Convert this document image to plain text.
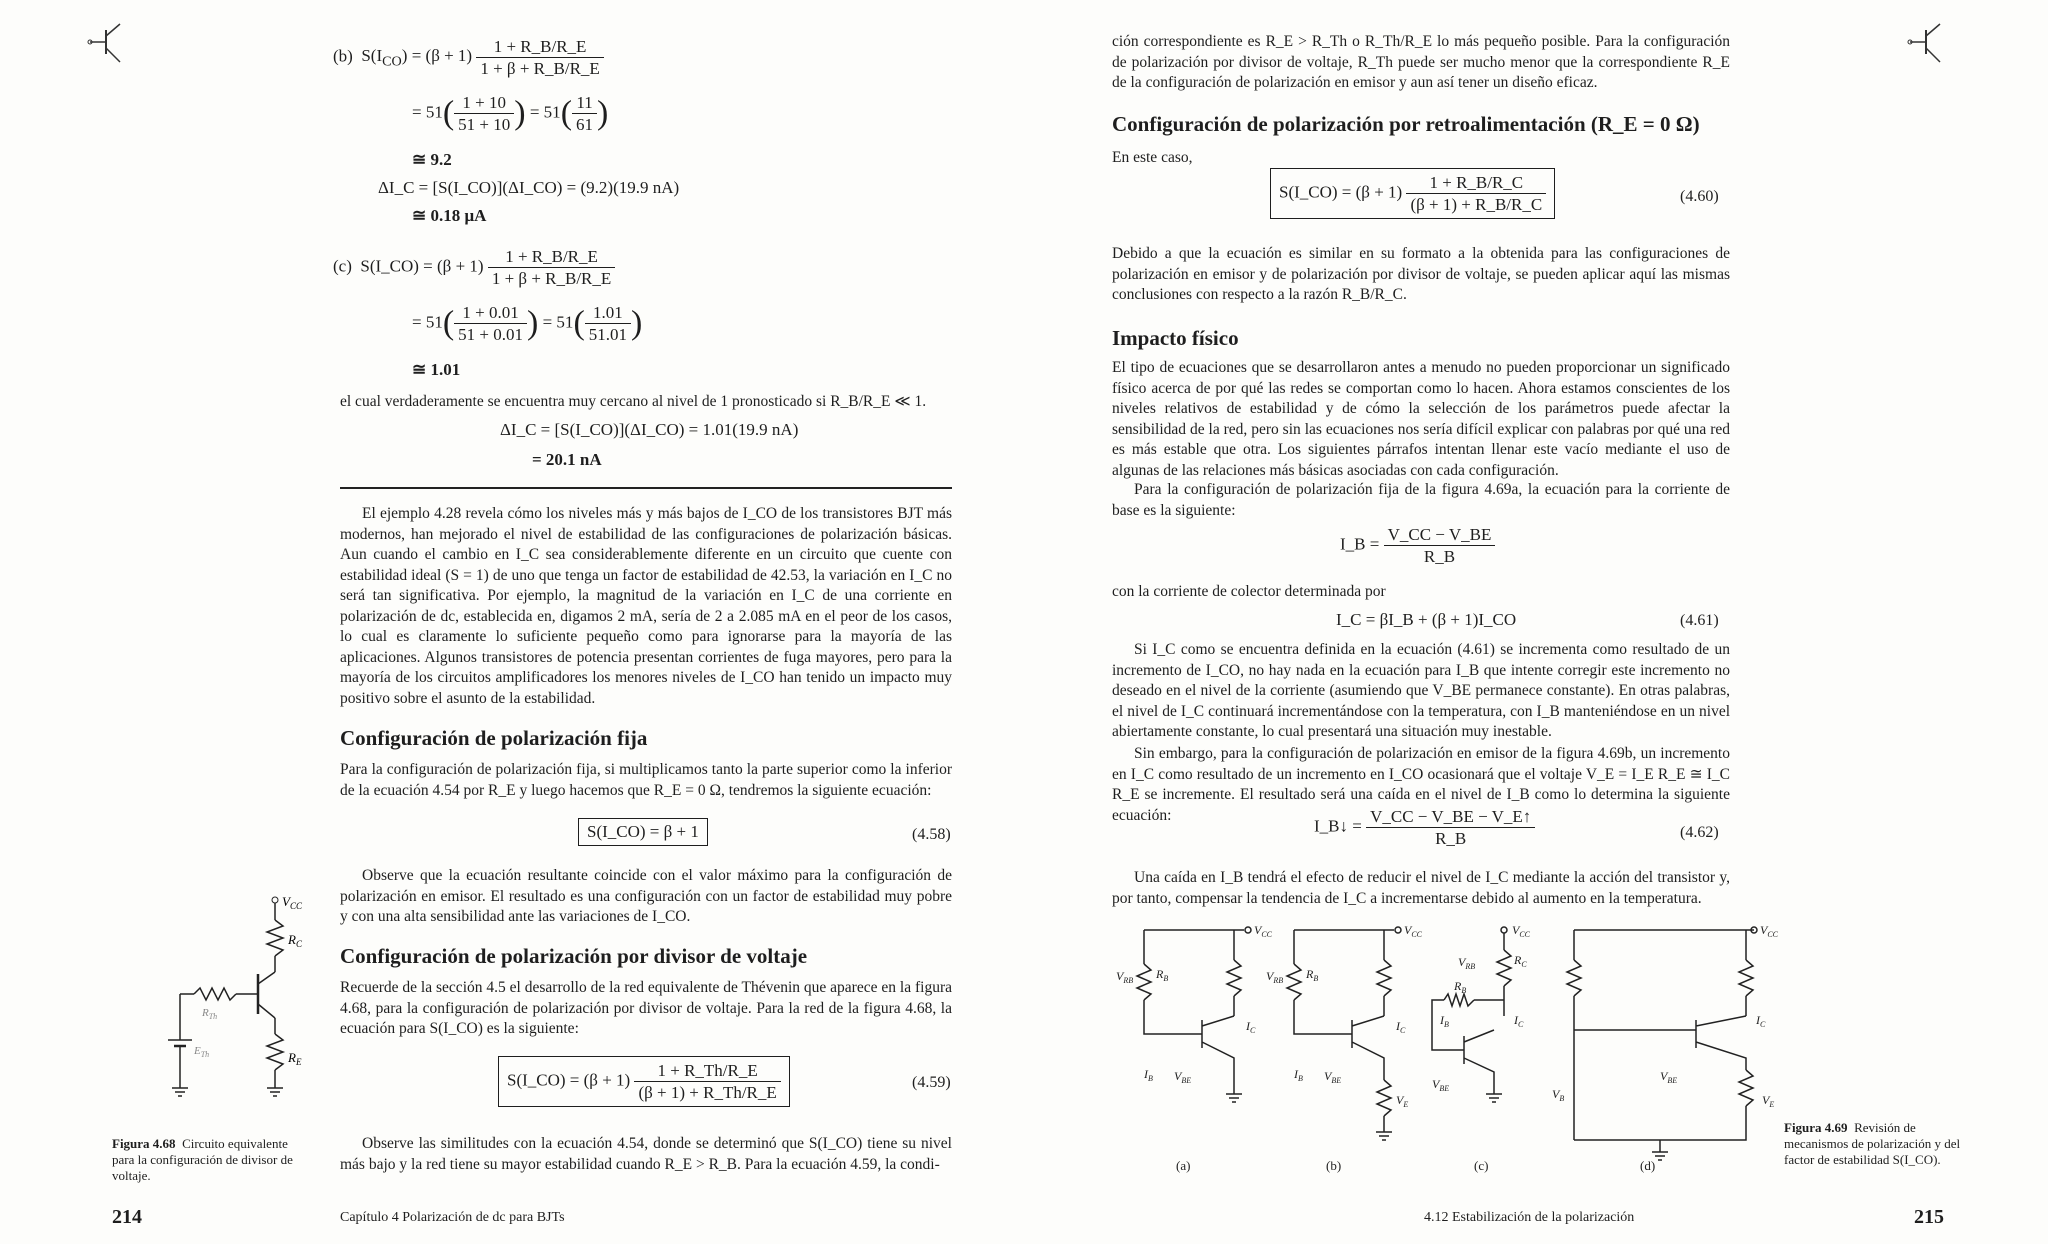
(b) $S(I_{CO}) = (\beta + 1) \frac{1 + R\_B/R\_E}{1 + \beta + R\_B/R\_E}$
= $51( \frac{1 + 10}{51 + 10}$ ) = $51( \frac{11}{61}$ )
≅ 9.2
ΔI_C = [S(I_CO)](ΔI_CO) = (9.2)(19.9 nA)
≅ 0.18 μA
(c) S(I_CO) = $(\beta + 1) \frac{1 + R\_B/R\_E}{1 + \beta + R\_B/R\_E}$
= $51( \frac{1 + 0.01}{51 + 0.01}$ ) = $51( \frac{1.01}{51.01}$ )
≅ 1.01
el cual verdaderamente se encuentra muy cercano al nivel de 1 pronosticado si R_B/R_E ≪ 1.
ΔI_C = [S(I_CO)](ΔI_CO) = 1.01(19.9 nA)
= 20.1 nA
El ejemplo 4.28 revela cómo los niveles más y más bajos de I_CO de los transistores BJT más modernos, han mejorado el nivel de estabilidad de las configuraciones de polarización básicas. Aun cuando el cambio en I_C sea considerablemente diferente en un circuito que cuente con estabilidad ideal (S = 1) de uno que tenga un factor de estabilidad de 42.53, la variación en I_C no será tan significativa. Por ejemplo, la magnitud de la variación en I_C de una corriente en polarización de dc, establecida en, digamos 2 mA, sería de 2 a 2.085 mA en el peor de los casos, lo cual es claramente lo suficiente pequeño como para ignorarse para la mayoría de las aplicaciones. Algunos transistores de potencia presentan corrientes de fuga mayores, pero para la mayoría de los circuitos amplificadores los menores niveles de I_CO han tenido un impacto muy positivo sobre el asunto de la estabilidad.
Configuración de polarización fija
Para la configuración de polarización fija, si multiplicamos tanto la parte superior como la inferior de la ecuación 4.54 por R_E y luego hacemos que R_E = 0 Ω, tendremos la siguiente ecuación:
S(I_CO) = β + 1	(4.58)
Observe que la ecuación resultante coincide con el valor máximo para la configuración de polarización en emisor. El resultado es una configuración con un factor de estabilidad muy pobre y con una alta sensibilidad ante las variaciones de I_CO.
Configuración de polarización por divisor de voltaje
Recuerde de la sección 4.5 el desarrollo de la red equivalente de Thévenin que aparece en la figura 4.68, para la configuración de polarización por divisor de voltaje. Para la red de la figura 4.68, la ecuación para S(I_CO) es la siguiente:
S(I_CO) = $(\beta + 1) \frac{1 + R\_Th/R\_E}{(\beta + 1) + R\_Th/R\_E}$	(4.59)
Observe las similitudes con la ecuación 4.54, donde se determinó que S(I_CO) tiene su nivel más bajo y la red tiene su mayor estabilidad cuando R_E > R_B. Para la ecuación 4.59, la condi-
$V_{CC}$
$R_C$
$R_{Th}$
$E_{Th}$	$R_E$
Figura 4.68 Circuito equivalente para la configuración de divisor de voltaje.
214	Capítulo 4 Polarización de dc para BJTs
ción correspondiente es R_E > R_Th o R_Th/R_E lo más pequeño posible. Para la configuración de polarización por divisor de voltaje, R_Th puede ser mucho menor que la correspondiente R_E de la configuración de polarización en emisor y aun así tener un diseño eficaz.
Configuración de polarización por retroalimentación (R_E = 0 Ω)
En este caso,
S(I_CO) = $(\beta + 1) \frac{1 + R\_B/R\_C}{(\beta + 1) + R\_B/R\_C}$	(4.60)
Debido a que la ecuación es similar en su formato a la obtenida para las configuraciones de polarización en emisor y de polarización por divisor de voltaje, se pueden aplicar aquí las mismas conclusiones con respecto a la razón R_B/R_C.
Impacto físico
El tipo de ecuaciones que se desarrollaron antes a menudo no pueden proporcionar un significado físico acerca de por qué las redes se comportan como lo hacen. Ahora estamos conscientes de los niveles relativos de estabilidad y de cómo la selección de los parámetros puede afectar la sensibilidad de la red, pero sin las ecuaciones nos sería difícil explicar con palabras por qué una red es más estable que otra. Los siguientes párrafos intentan llenar este vacío mediante el uso de algunas de las relaciones más básicas asociadas con cada configuración.
Para la configuración de polarización fija de la figura 4.69a, la ecuación para la corriente de base es la siguiente:
I_B = $\frac{V\_CC - V\_BE}{R\_B}$
con la corriente de colector determinada por
I_C = βI_B + (β + 1)I_CO	(4.61)
Si I_C como se encuentra definida en la ecuación (4.61) se incrementa como resultado de un incremento de I_CO, no hay nada en la ecuación para I_B que intente corregir este incremento no deseado en el nivel de la corriente (asumiendo que V_BE permanece constante). En otras palabras, el nivel de I_C continuará incrementándose con la temperatura, con I_B manteniéndose en un nivel abiertamente constante, lo cual presentará una situación muy inestable.
Sin embargo, para la configuración de polarización en emisor de la figura 4.69b, un incremento en I_C como resultado de un incremento en I_CO ocasionará que el voltaje V_E = I_E R_E ≅ I_C R_E se incremente. El resultado será una caída en el nivel de I_B como lo determina la siguiente ecuación:
I_B↓ = $\frac{V\_CC - V\_BE - V\_E↑}{R\_B}$	(4.62)
Una caída en I_B tendrá el efecto de reducir el nivel de I_C mediante la acción del transistor y, por tanto, compensar la tendencia de I_C a incrementarse debido al aumento en la temperatura.
$V_{CC}$
$V_{RB}$ $R_B$
$I_C$
$I_B$ $V_{BE}$
$V_{CC}$
$V_{RB}$ $R_B$
$I_C$
$I_B$ $V_{BE}$
$V_E$
$V_{CC}$
$V_{RB}$
$R_B$
$R_C$
$I_C$
$I_B$
$V_{BE}$
$V_{CC}$
$V_B$
$I_C$
$V_{BE}$
$V_E$
(a)	(b)	(c)	(d)
Figura 4.69 Revisión de mecanismos de polarización y del factor de estabilidad S(I_CO).
4.12 Estabilización de la polarización	215
